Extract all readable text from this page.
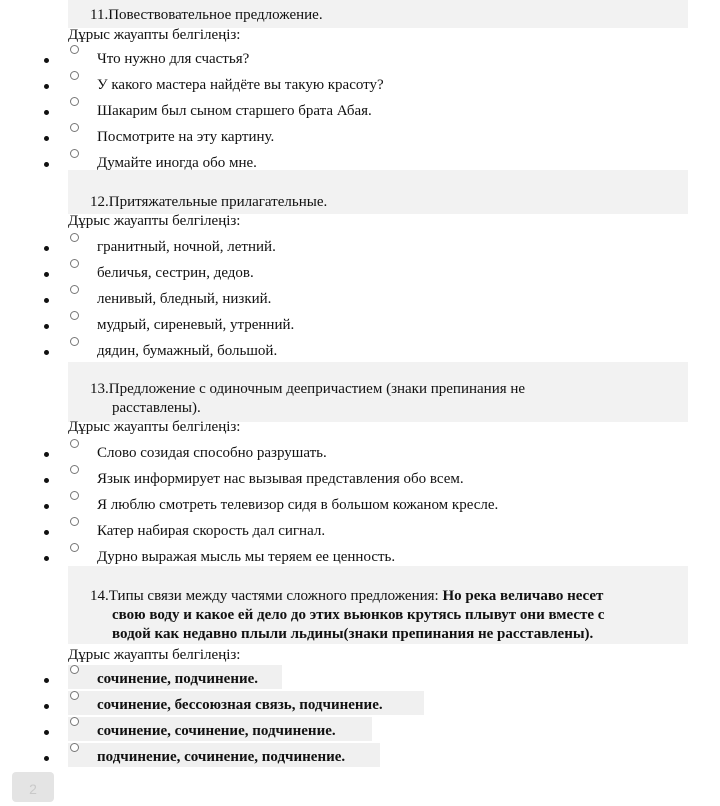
11.Повествовательное предложение.
Дұрыс жауапты белгілеңіз:
Что нужно для счастья?
У какого мастера найдёте вы такую красоту?
Шакарим был сыном старшего брата Абая.
Посмотрите на эту картину.
Думайте иногда обо мне.
12.Притяжательные прилагательные.
Дұрыс жауапты белгілеңіз:
гранитный, ночной, летний.
беличья, сестрин, дедов.
ленивый, бледный, низкий.
мудрый, сиреневый, утренний.
дядин, бумажный, большой.
13.Предложение с одиночным деепричастием (знаки препинания не
расставлены).
Дұрыс жауапты белгілеңіз:
Слово созидая способно разрушать.
Язык информирует нас вызывая представления обо всем.
Я люблю смотреть телевизор сидя в большом кожаном кресле.
Катер набирая скорость дал сигнал.
Дурно выражая мысль мы теряем ее ценность.
14.Типы связи между частями сложного предложения: Но река величаво несет
свою воду и какое ей дело до этих вьюнков крутясь плывут они вместе с
водой как недавно плыли льдины(знаки препинания не расставлены).
Дұрыс жауапты белгілеңіз:
сочинение, подчинение.
сочинение, бессоюзная связь, подчинение.
сочинение, сочинение, подчинение.
подчинение, сочинение, подчинение.
2
